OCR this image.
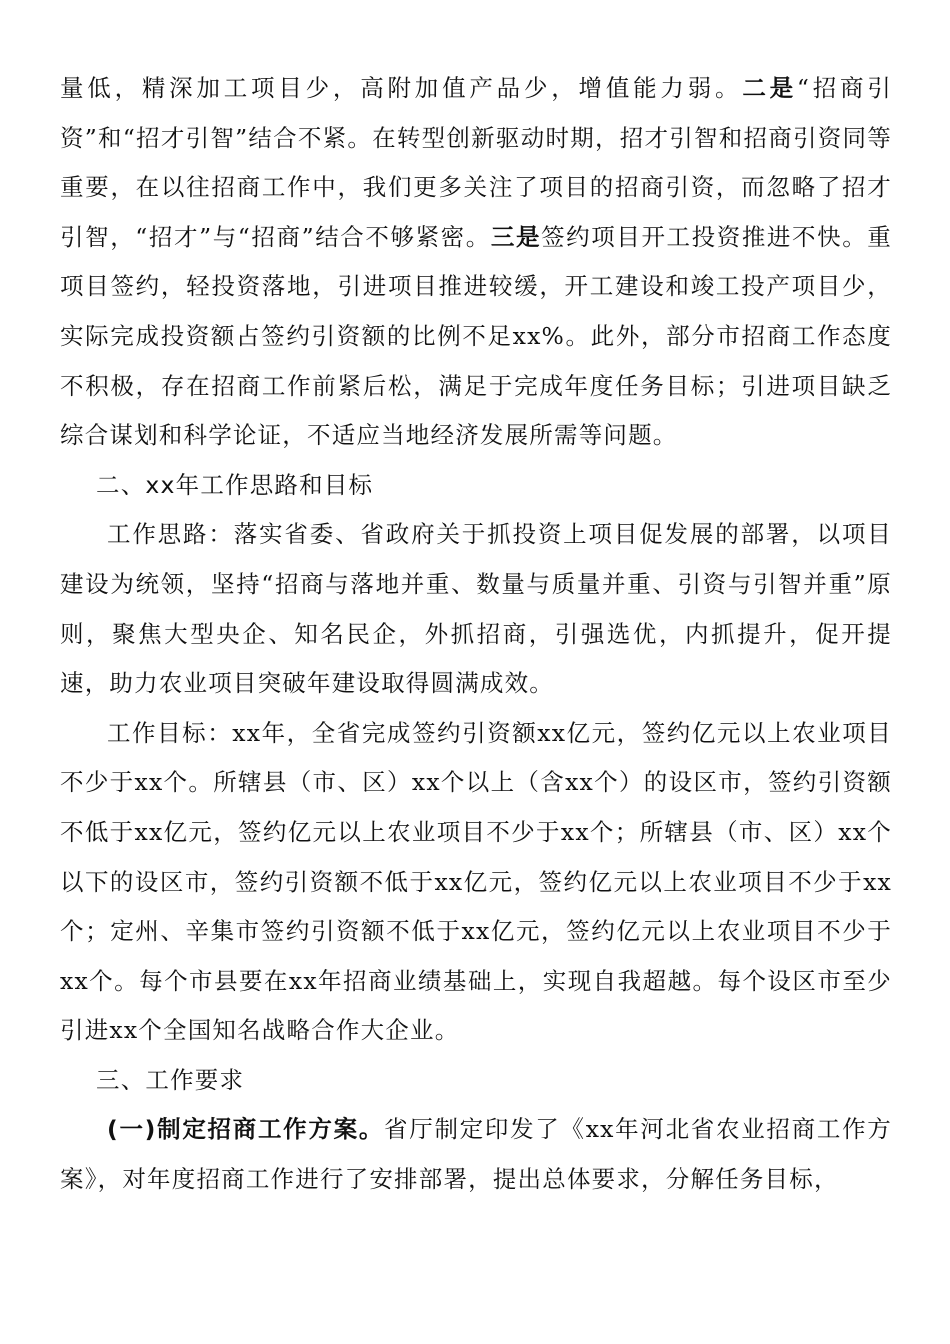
量低，精深加工项目少，高附加值产品少，增值能力弱。二是“招商引资”和“招才引智”结合不紧。在转型创新驱动时期，招才引智和招商引资同等重要，在以往招商工作中，我们更多关注了项目的招商引资，而忽略了招才引智，“招才”与“招商”结合不够紧密。三是签约项目开工投资推进不快。重项目签约，轻投资落地，引进项目推进较缓，开工建设和竣工投产项目少，实际完成投资额占签约引资额的比例不足xx%。此外，部分市招商工作态度不积极，存在招商工作前紧后松，满足于完成年度任务目标；引进项目缺乏综合谋划和科学论证，不适应当地经济发展所需等问题。

二、xx年工作思路和目标

工作思路：落实省委、省政府关于抓投资上项目促发展的部署，以项目建设为统领，坚持“招商与落地并重、数量与质量并重、引资与引智并重”原则，聚焦大型央企、知名民企，外抓招商，引强选优，内抓提升，促开提速，助力农业项目突破年建设取得圆满成效。

工作目标：xx年，全省完成签约引资额xx亿元，签约亿元以上农业项目不少于xx个。所辖县（市、区）xx个以上（含xx个）的设区市，签约引资额不低于xx亿元，签约亿元以上农业项目不少于xx个；所辖县（市、区）xx个以下的设区市，签约引资额不低于xx亿元，签约亿元以上农业项目不少于xx个；定州、辛集市签约引资额不低于xx亿元，签约亿元以上农业项目不少于xx个。每个市县要在xx年招商业绩基础上，实现自我超越。每个设区市至少引进xx个全国知名战略合作大企业。

三、工作要求

(一)制定招商工作方案。省厅制定印发了《xx年河北省农业招商工作方案》，对年度招商工作进行了安排部署，提出总体要求，分解任务目标，
